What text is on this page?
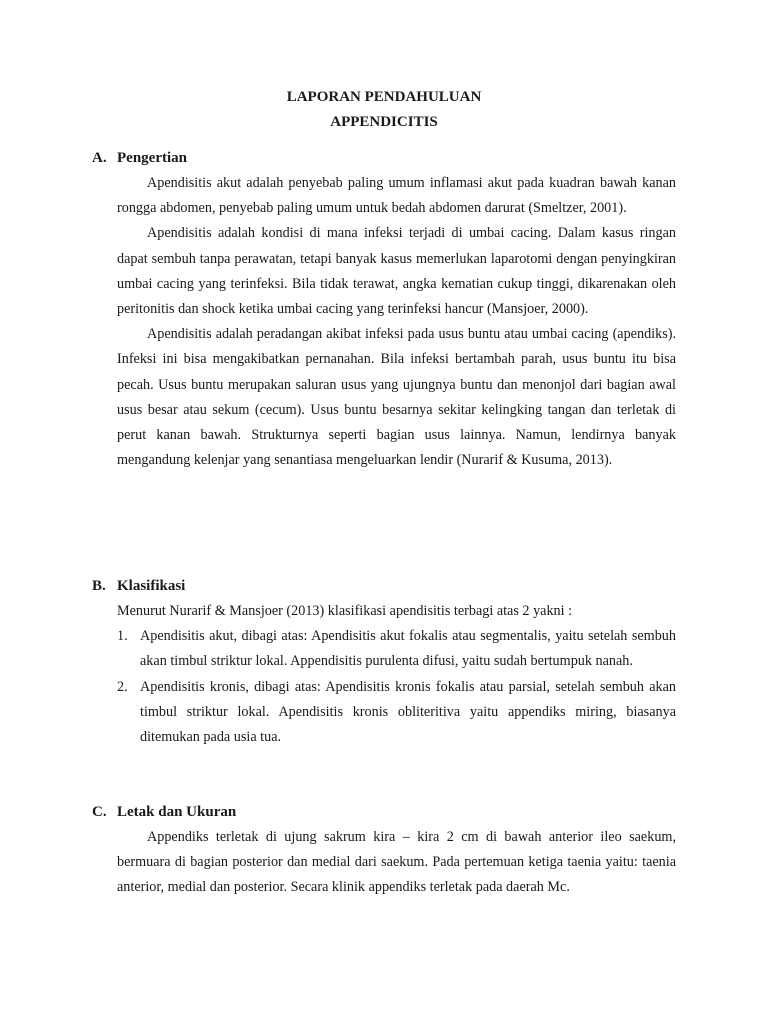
LAPORAN PENDAHULUAN
APPENDICITIS
A. Pengertian

Apendisitis akut adalah penyebab paling umum inflamasi akut pada kuadran bawah kanan rongga abdomen, penyebab paling umum untuk bedah abdomen darurat (Smeltzer, 2001).

Apendisitis adalah kondisi di mana infeksi terjadi di umbai cacing. Dalam kasus ringan dapat sembuh tanpa perawatan, tetapi banyak kasus memerlukan laparotomi dengan penyingkiran umbai cacing yang terinfeksi. Bila tidak terawat, angka kematian cukup tinggi, dikarenakan oleh peritonitis dan shock ketika umbai cacing yang terinfeksi hancur (Mansjoer, 2000).

Apendisitis adalah peradangan akibat infeksi pada usus buntu atau umbai cacing (apendiks). Infeksi ini bisa mengakibatkan pernanahan. Bila infeksi bertambah parah, usus buntu itu bisa pecah. Usus buntu merupakan saluran usus yang ujungnya buntu dan menonjol dari bagian awal usus besar atau sekum (cecum). Usus buntu besarnya sekitar kelingking tangan dan terletak di perut kanan bawah. Strukturnya seperti bagian usus lainnya. Namun, lendirnya banyak mengandung kelenjar yang senantiasa mengeluarkan lendir (Nurarif & Kusuma, 2013).

B. Klasifikasi

Menurut Nurarif & Mansjoer (2013) klasifikasi apendisitis terbagi atas 2 yakni :

1. Apendisitis akut, dibagi atas: Apendisitis akut fokalis atau segmentalis, yaitu setelah sembuh akan timbul striktur lokal. Appendisitis purulenta difusi, yaitu sudah bertumpuk nanah.
2. Apendisitis kronis, dibagi atas: Apendisitis kronis fokalis atau parsial, setelah sembuh akan timbul striktur lokal. Apendisitis kronis obliteritiva yaitu appendiks miring, biasanya ditemukan pada usia tua.
C. Letak dan Ukuran

Appendiks terletak di ujung sakrum kira – kira 2 cm di bawah anterior ileo saekum, bermuara di bagian posterior dan medial dari saekum. Pada pertemuan ketiga taenia yaitu: taenia anterior, medial dan posterior. Secara klinik appendiks terletak pada daerah Mc.
